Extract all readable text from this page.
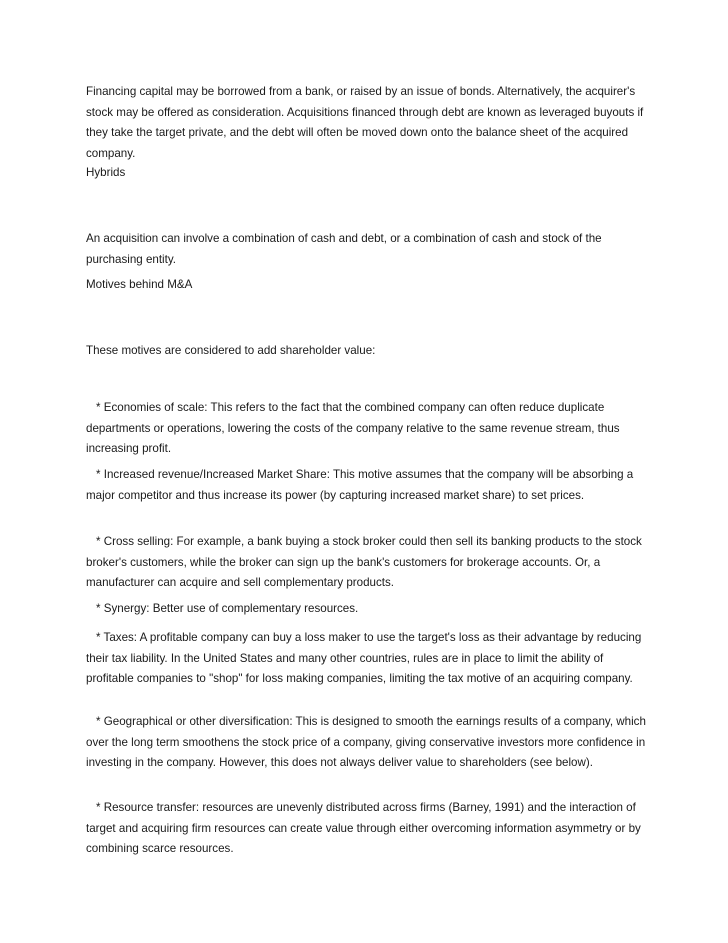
Financing capital may be borrowed from a bank, or raised by an issue of bonds. Alternatively, the acquirer's stock may be offered as consideration. Acquisitions financed through debt are known as leveraged buyouts if they take the target private, and the debt will often be moved down onto the balance sheet of the acquired company.

Hybrids

An acquisition can involve a combination of cash and debt, or a combination of cash and stock of the purchasing entity.

Motives behind M&A

These motives are considered to add shareholder value:

* Economies of scale: This refers to the fact that the combined company can often reduce duplicate departments or operations, lowering the costs of the company relative to the same revenue stream, thus increasing profit.

* Increased revenue/Increased Market Share: This motive assumes that the company will be absorbing a major competitor and thus increase its power (by capturing increased market share) to set prices.

* Cross selling: For example, a bank buying a stock broker could then sell its banking products to the stock broker's customers, while the broker can sign up the bank's customers for brokerage accounts. Or, a manufacturer can acquire and sell complementary products.

* Synergy: Better use of complementary resources.

* Taxes: A profitable company can buy a loss maker to use the target's loss as their advantage by reducing their tax liability. In the United States and many other countries, rules are in place to limit the ability of profitable companies to "shop" for loss making companies, limiting the tax motive of an acquiring company.

* Geographical or other diversification: This is designed to smooth the earnings results of a company, which over the long term smoothens the stock price of a company, giving conservative investors more confidence in investing in the company. However, this does not always deliver value to shareholders (see below).

* Resource transfer: resources are unevenly distributed across firms (Barney, 1991) and the interaction of target and acquiring firm resources can create value through either overcoming information asymmetry or by combining scarce resources.
